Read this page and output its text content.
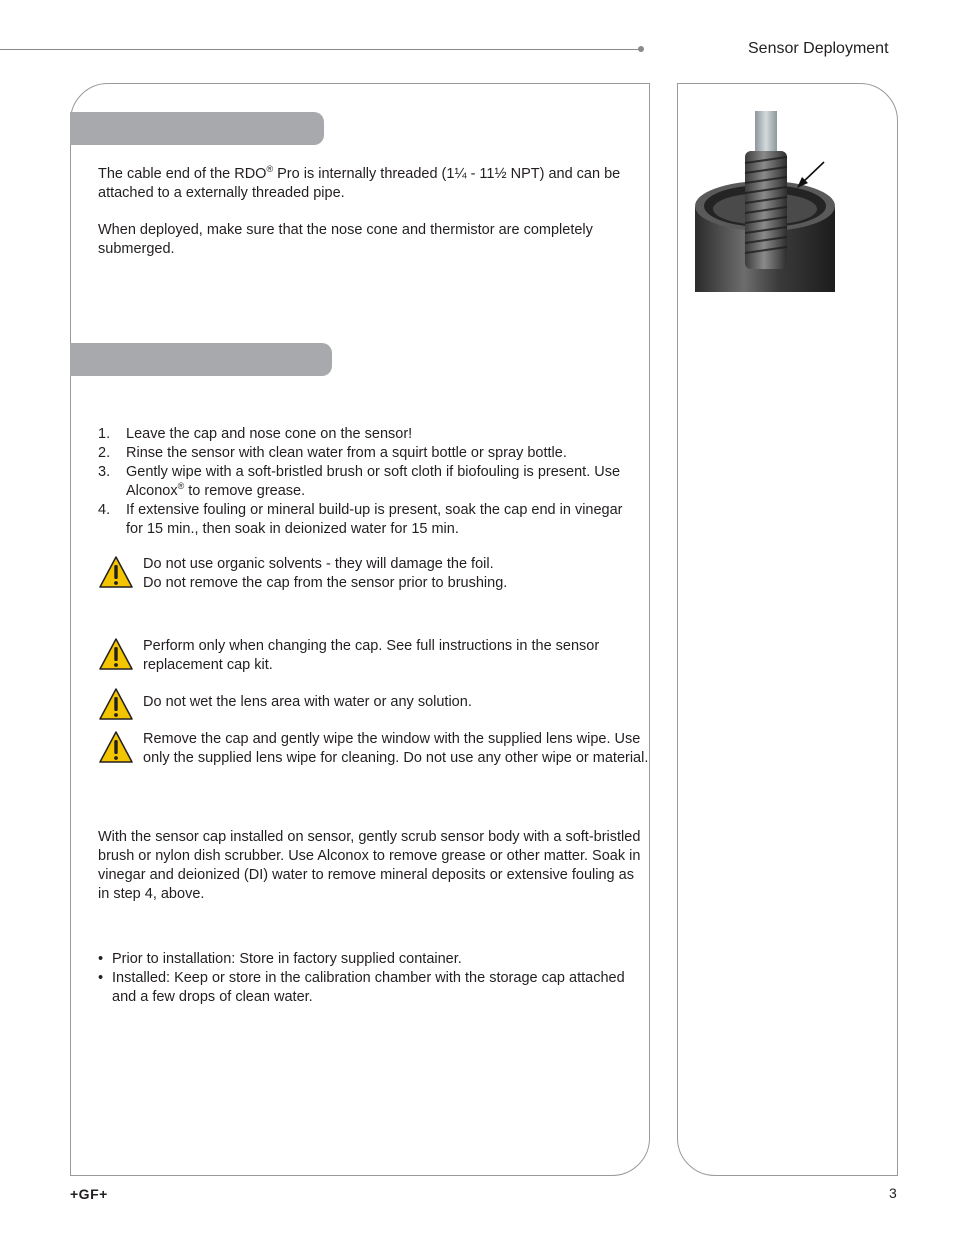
Sensor Deployment

The cable end of the RDO® Pro is internally threaded (1¼ - 11½ NPT) and can be attached to a externally threaded pipe.

When deployed, make sure that the nose cone and thermistor are completely submerged.

1. Leave the cap and nose cone on the sensor!
2. Rinse the sensor with clean water from a squirt bottle or spray bottle.
3. Gently wipe with a soft-bristled brush or soft cloth if biofouling is present. Use Alconox® to remove grease.
4. If extensive fouling or mineral build-up is present, soak the cap end in vinegar for 15 min., then soak in deionized water for 15 min.
Do not use organic solvents - they will damage the foil.
Do not remove the cap from the sensor prior to brushing.
Perform only when changing the cap. See full instructions in the sensor replacement cap kit.
Do not wet the lens area with water or any solution.
Remove the cap and gently wipe the window with the supplied lens wipe. Use only the supplied lens wipe for cleaning. Do not use any other wipe or material.

With the sensor cap installed on sensor, gently scrub sensor body with a soft-bristled brush or nylon dish scrubber. Use Alconox to remove grease or other matter. Soak in vinegar and deionized (DI) water to remove mineral deposits or extensive fouling as in step 4, above.

• Prior to installation: Store in factory supplied container.
• Installed: Keep or store in the calibration chamber with the storage cap attached and a few drops of clean water.
+GF+	3
